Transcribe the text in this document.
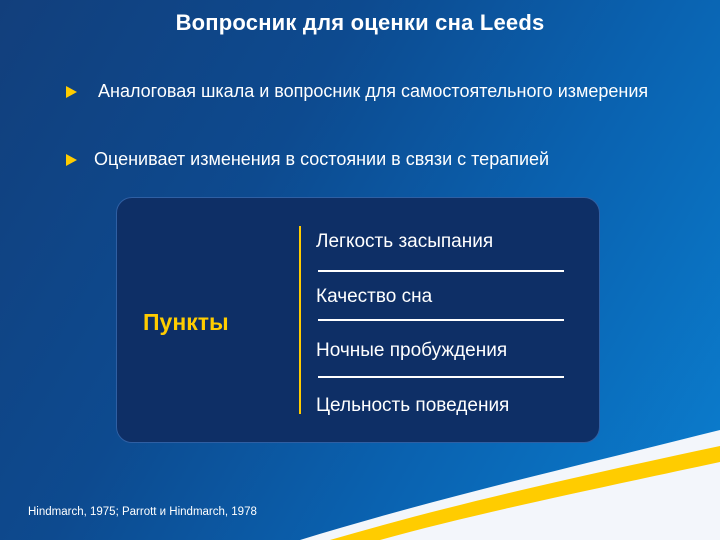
Вопросник для оценки сна Leeds
Аналоговая шкала и вопросник для самостоятельного измерения
Оценивает изменения в состоянии в связи с терапией
Пункты
Легкость засыпания
Качество сна
Ночные пробуждения
Цельность поведения
Hindmarch, 1975; Parrott и Hindmarch, 1978
